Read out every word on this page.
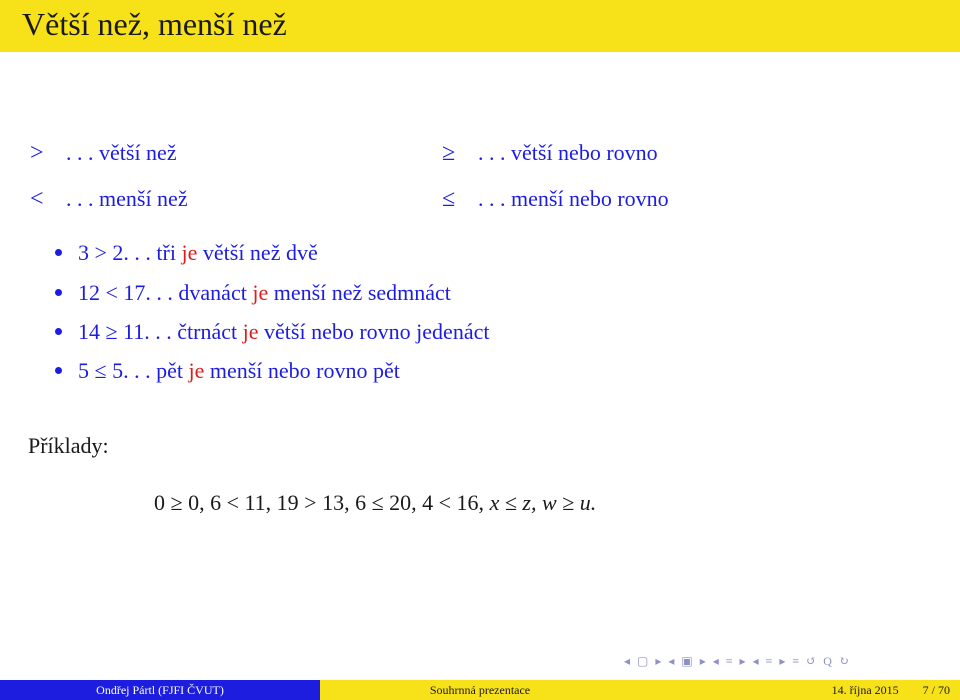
Větší než, menší než
> . . . větší než
< . . . menší než
≥ . . . větší nebo rovno
≤ . . . menší nebo rovno
3 > 2. . . tři je větší než dvě
12 < 17. . . dvanáct je menší než sedmnáct
14 ≥ 11. . . čtrnáct je větší nebo rovno jedenáct
5 ≤ 5. . . pět je menší nebo rovno pět
Příklady:
0 ≥ 0, 6 < 11, 19 > 13, 6 ≤ 20, 4 < 16, x ≤ z, w ≥ u.
◂ ▢ ▸ ◂ ▣ ▸ ◂ ≡ ▸ ◂ ≡ ▸ ≡ ↺ Q ↻
Ondřej Pártl (FJFI ČVUT)	Souhrnná prezentace	14. října 2015 7 / 70
